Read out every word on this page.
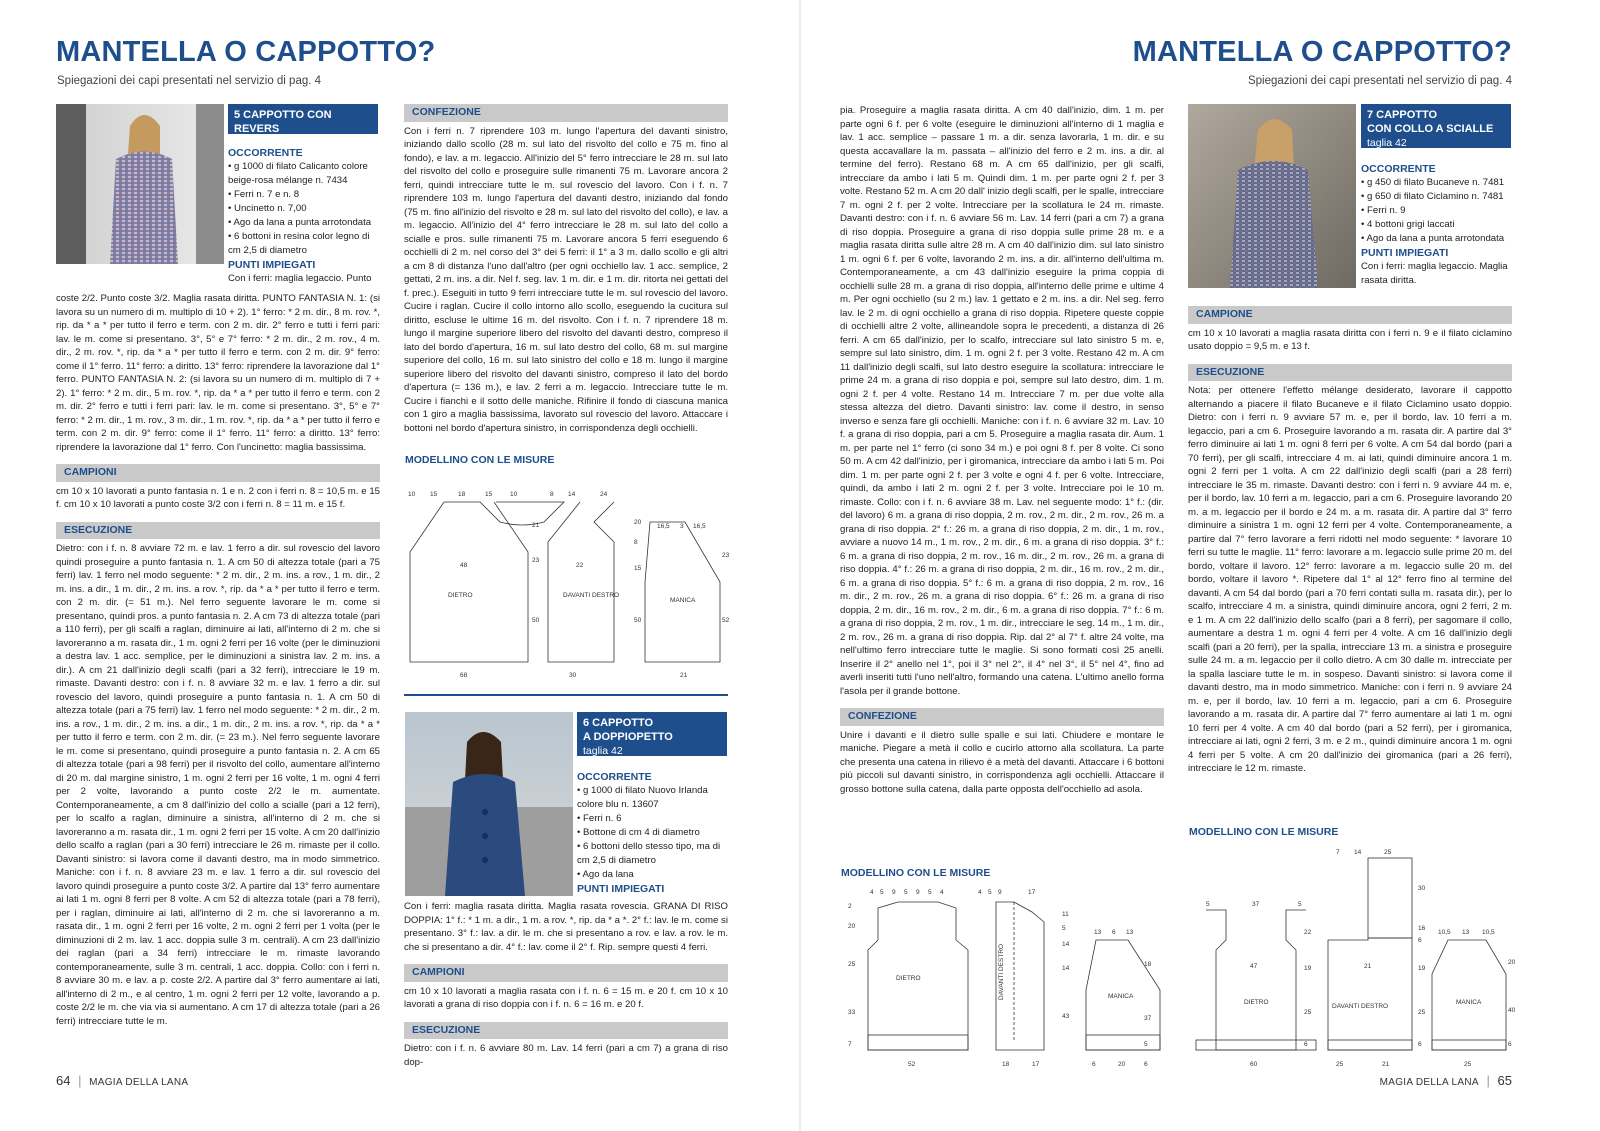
MANTELLA O CAPPOTTO?
Spiegazioni dei capi presentati nel servizio di pag. 4
5 CAPPOTTO CON REVERS
taglia 42
OCCORRENTE
• g 1000 di filato Calicanto colore beige-rosa mélange n. 7434
• Ferri n. 7 e n. 8
• Uncinetto n. 7,00
• Ago da lana a punta arrotondata
• 6 bottoni in resina color legno di cm 2,5 di diametro
PUNTI IMPIEGATI
Con i ferri: maglia legaccio. Punto

coste 2/2. Punto coste 3/2. Maglia rasata diritta. PUNTO FANTASIA N. 1: (si lavora su un numero di m. multiplo di 10 + 2). 1° ferro: * 2 m. dir., 8 m. rov. *, rip. da * a * per tutto il ferro e term. con 2 m. dir. 2° ferro e tutti i ferri pari: lav. le m. come si presentano. 3°, 5° e 7° ferro: * 2 m. dir., 2 m. rov., 4 m. dir., 2 m. rov. *, rip. da * a * per tutto il ferro e term. con 2 m. dir. 9° ferro: come il 1° ferro. 11° ferro: a diritto. 13° ferro: riprendere la lavorazione dal 1° ferro. PUNTO FANTASIA N. 2: (si lavora su un numero di m. multiplo di 7 + 2). 1° ferro: * 2 m. dir., 5 m. rov. *, rip. da * a * per tutto il ferro e term. con 2 m. dir. 2° ferro e tutti i ferri pari: lav. le m. come si presentano. 3°, 5° e 7° ferro: * 2 m. dir., 1 m. rov., 3 m. dir., 1 m. rov. *, rip. da * a * per tutto il ferro e term. con 2 m. dir. 9° ferro: come il 1° ferro. 11° ferro: a diritto. 13° ferro: riprendere la lavorazione dal 1° ferro. Con l'uncinetto: maglia bassissima.

CAMPIONI

cm 10 x 10 lavorati a punto fantasia n. 1 e n. 2 con i ferri n. 8 = 10,5 m. e 15 f. cm 10 x 10 lavorati a punto coste 3/2 con i ferri n. 8 = 11 m. e 15 f.

ESECUZIONE

Dietro: con i f. n. 8 avviare 72 m. e lav. 1 ferro a dir. sul rovescio del lavoro quindi proseguire a punto fantasia n. 1. A cm 50 di altezza totale (pari a 75 ferri) lav. 1 ferro nel modo seguente: * 2 m. dir., 2 m. ins. a rov., 1 m. dir., 2 m. ins. a dir., 1 m. dir., 2 m. ins. a rov. *, rip. da * a * per tutto il ferro e term. con 2 m. dir. (= 51 m.). Nel ferro seguente lavorare le m. come si presentano, quindi pros. a punto fantasia n. 2. A cm 73 di altezza totale (pari a 110 ferri), per gli scalfi a raglan, diminuire ai lati, all'interno di 2 m. che si lavoreranno a m. rasata dir., 1 m. ogni 2 ferri per 16 volte (per le diminuzioni a destra lav. 1 acc. semplice, per le diminuzioni a sinistra lav. 2 m. ins. a dir.). A cm 21 dall'inizio degli scalfi (pari a 32 ferri), intrecciare le 19 m. rimaste. Davanti destro: con i f. n. 8 avviare 32 m. e lav. 1 ferro a dir. sul rovescio del lavoro, quindi proseguire a punto fantasia n. 1. A cm 50 di altezza totale (pari a 75 ferri) lav. 1 ferro nel modo seguente: * 2 m. dir., 2 m. ins. a rov., 1 m. dir., 2 m. ins. a dir., 1 m. dir., 2 m. ins. a rov. *, rip. da * a * per tutto il ferro e term. con 2 m. dir. (= 23 m.). Nel ferro seguente lavorare le m. come si presentano, quindi proseguire a punto fantasia n. 2. A cm 65 di altezza totale (pari a 98 ferri) per il risvolto del collo, aumentare all'interno di 20 m. dal margine sinistro, 1 m. ogni 2 ferri per 16 volte, 1 m. ogni 4 ferri per 2 volte, lavorando a punto coste 2/2 le m. aumentate. Contemporaneamente, a cm 8 dall'inizio del collo a scialle (pari a 12 ferri), per lo scalfo a raglan, diminuire a sinistra, all'interno di 2 m. che si lavoreranno a m. rasata dir., 1 m. ogni 2 ferri per 15 volte. A cm 20 dall'inizio dello scalfo a raglan (pari a 30 ferri) intrecciare le 26 m. rimaste per il collo. Davanti sinistro: si lavora come il davanti destro, ma in modo simmetrico. Maniche: con i f. n. 8 avviare 23 m. e lav. 1 ferro a dir. sul rovescio del lavoro quindi proseguire a punto coste 3/2. A partire dal 13° ferro aumentare ai lati 1 m. ogni 8 ferri per 8 volte. A cm 52 di altezza totale (pari a 78 ferri), per i raglan, diminuire ai lati, all'interno di 2 m. che si lavoreranno a m. rasata dir., 1 m. ogni 2 ferri per 16 volte, 2 m. ogni 2 ferri per 1 volta (per le diminuzioni di 2 m. lav. 1 acc. doppia sulle 3 m. centrali). A cm 23 dall'inizio dei raglan (pari a 34 ferri) intrecciare le m. rimaste lavorando contemporaneamente, sulle 3 m. centrali, 1 acc. doppia. Collo: con i ferri n. 8 avviare 30 m. e lav. a p. coste 2/2. A partire dal 3° ferro aumentare ai lati, all'interno di 2 m., e al centro, 1 m. ogni 2 ferri per 12 volte, lavorando a p. coste 2/2 le m. che via via si aumentano. A cm 17 di altezza totale (pari a 26 ferri) intrecciare tutte le m.

CONFEZIONE

Con i ferri n. 7 riprendere 103 m. lungo l'apertura del davanti sinistro, iniziando dallo scollo (28 m. sul lato del risvolto del collo e 75 m. fino al fondo), e lav. a m. legaccio. All'inizio del 5° ferro intrecciare le 28 m. sul lato del risvolto del collo e proseguire sulle rimanenti 75 m. Lavorare ancora 2 ferri, quindi intrecciare tutte le m. sul rovescio del lavoro. Con i f. n. 7 riprendere 103 m. lungo l'apertura del davanti destro, iniziando dal fondo (75 m. fino all'inizio del risvolto e 28 m. sul lato del risvolto del collo), e lav. a m. legaccio. All'inizio del 4° ferro intrecciare le 28 m. sul lato del collo a scialle e pros. sulle rimanenti 75 m. Lavorare ancora 5 ferri eseguendo 6 occhielli di 2 m. nel corso del 3° dei 5 ferri: il 1° a 3 m. dallo scollo e gli altri a cm 8 di distanza l'uno dall'altro (per ogni occhiello lav. 1 acc. semplice, 2 gettati, 2 m. ins. a dir. Nel f. seg. lav. 1 m. dir. e 1 m. dir. ritorta nei gettati del f. prec.). Eseguiti in tutto 9 ferri intrecciare tutte le m. sul rovescio del lavoro. Cucire i raglan. Cucire il collo intorno allo scollo, eseguendo la cucitura sul diritto, escluse le ultime 16 m. del risvolto. Con i f. n. 7 riprendere 18 m. lungo il margine superiore libero del risvolto del davanti destro, compreso il lato del bordo d'apertura, 16 m. sul lato destro del collo, 68 m. sul margine superiore del collo, 16 m. sul lato sinistro del collo e 18 m. lungo il margine superiore libero del risvolto del davanti sinistro, compreso il lato del bordo d'apertura (= 136 m.), e lav. 2 ferri a m. legaccio. Intrecciare tutte le m. Cucire i fianchi e il sotto delle maniche. Rifinire il fondo di ciascuna manica con 1 giro a maglia bassissima, lavorato sul rovescio del lavoro. Attaccare i bottoni nel bordo d'apertura sinistro, in corrispondenza degli occhielli.

MODELLINO CON LE MISURE
DIETRO	DAVANTI DESTRO
MANICA
10 15	18	15	10
21
23
50
48
68
8 14	24
20
8
15
50
22
30
16,5 3 16,5
23
52
21
6 CAPPOTTO
A DOPPIOPETTO
taglia 42
OCCORRENTE
• g 1000 di filato Nuovo Irlanda colore blu n. 13607
• Ferri n. 6
• Bottone di cm 4 di diametro
• 6 bottoni dello stesso tipo, ma di cm 2,5 di diametro
• Ago da lana
PUNTI IMPIEGATI

Con i ferri: maglia rasata diritta. Maglia rasata rovescia. GRANA DI RISO DOPPIA: 1° f.: * 1 m. a dir., 1 m. a rov. *, rip. da * a *. 2° f.: lav. le m. come si presentano. 3° f.: lav. a dir. le m. che si presentano a rov. e lav. a rov. le m. che si presentano a dir. 4° f.: lav. come il 2° f. Rip. sempre questi 4 ferri.

CAMPIONI

cm 10 x 10 lavorati a maglia rasata con i f. n. 6 = 15 m. e 20 f. cm 10 x 10 lavorati a grana di riso doppia con i f. n. 6 = 16 m. e 20 f.

ESECUZIONE

Dietro: con i f. n. 6 avviare 80 m. Lav. 14 ferri (pari a cm 7) a grana di riso dop-

64 | MAGIA DELLA LANA
MANTELLA O CAPPOTTO?
Spiegazioni dei capi presentati nel servizio di pag. 4

pia. Proseguire a maglia rasata diritta. A cm 40 dall'inizio, dim. 1 m. per parte ogni 6 f. per 6 volte (eseguire le diminuzioni all'interno di 1 maglia e lav. 1 acc. semplice – passare 1 m. a dir. senza lavorarla, 1 m. dir. e su questa accavallare la m. passata – all'inizio del ferro e 2 m. ins. a dir. al termine del ferro). Restano 68 m. A cm 65 dall'inizio, per gli scalfi, intrecciare da ambo i lati 5 m. Quindi dim. 1 m. per parte ogni 2 f. per 3 volte. Restano 52 m. A cm 20 dall' inizio degli scalfi, per le spalle, intrecciare 7 m. ogni 2 f. per 2 volte. Intrecciare per la scollatura le 24 m. rimaste. Davanti destro: con i f. n. 6 avviare 56 m. Lav. 14 ferri (pari a cm 7) a grana di riso doppia. Proseguire a grana di riso doppia sulle prime 28 m. e a maglia rasata diritta sulle altre 28 m. A cm 40 dall'inizio dim. sul lato sinistro 1 m. ogni 6 f. per 6 volte, lavorando 2 m. ins. a dir. all'interno dell'ultima m. Contemporaneamente, a cm 43 dall'inizio eseguire la prima coppia di occhielli sulle 28 m. a grana di riso doppia, all'interno delle prime e ultime 4 m. Per ogni occhiello (su 2 m.) lav. 1 gettato e 2 m. ins. a dir. Nel seg. ferro lav. le 2 m. di ogni occhiello a grana di riso doppia. Ripetere queste coppie di occhielli altre 2 volte, allineandole sopra le precedenti, a distanza di 26 ferri. A cm 65 dall'inizio, per lo scalfo, intrecciare sul lato sinistro 5 m. e, sempre sul lato sinistro, dim. 1 m. ogni 2 f. per 3 volte. Restano 42 m. A cm 11 dall'inizio degli scalfi, sul lato destro eseguire la scollatura: intrecciare le prime 24 m. a grana di riso doppia e poi, sempre sul lato destro, dim. 1 m. ogni 2 f. per 4 volte. Restano 14 m. Intrecciare 7 m. per due volte alla stessa altezza del dietro. Davanti sinistro: lav. come il destro, in senso inverso e senza fare gli occhielli. Maniche: con i f. n. 6 avviare 32 m. Lav. 10 f. a grana di riso doppia, pari a cm 5. Proseguire a maglia rasata dir. Aum. 1 m. per parte nel 1° ferro (ci sono 34 m.) e poi ogni 8 f. per 8 volte. Ci sono 50 m. A cm 42 dall'inizio, per i giromanica, intrecciare da ambo i lati 5 m. Poi dim. 1 m. per parte ogni 2 f. per 3 volte e ogni 4 f. per 6 volte. Intrecciare, quindi, da ambo i lati 2 m. ogni 2 f. per 3 volte. Intrecciare poi le 10 m. rimaste. Collo: con i f. n. 6 avviare 38 m. Lav. nel seguente modo: 1° f.: (dir. del lavoro) 6 m. a grana di riso doppia, 2 m. rov., 2 m. dir., 2 m. rov., 26 m. a grana di riso doppia. 2° f.: 26 m. a grana di riso doppia, 2 m. dir., 1 m. rov., avviare a nuovo 14 m., 1 m. rov., 2 m. dir., 6 m. a grana di riso doppia. 3° f.: 6 m. a grana di riso doppia, 2 m. rov., 16 m. dir., 2 m. rov., 26 m. a grana di riso doppia. 4° f.: 26 m. a grana di riso doppia, 2 m. dir., 16 m. rov., 2 m. dir., 6 m. a grana di riso doppia. 5° f.: 6 m. a grana di riso doppia, 2 m. rov., 16 m. dir., 2 m. rov., 26 m. a grana di riso doppia. 6° f.: 26 m. a grana di riso doppia, 2 m. dir., 16 m. rov., 2 m. dir., 6 m. a grana di riso doppia. 7° f.: 6 m. a grana di riso doppia, 2 m. rov., 1 m. dir., intrecciare le seg. 14 m., 1 m. dir., 2 m. rov., 26 m. a grana di riso doppia. Rip. dal 2° al 7° f. altre 24 volte, ma nell'ultimo ferro intrecciare tutte le maglie. Si sono formati così 25 anelli. Inserire il 2° anello nel 1°, poi il 3° nel 2°, il 4° nel 3°, il 5° nel 4°, fino ad averli inseriti tutti l'uno nell'altro, formando una catena. L'ultimo anello forma l'asola per il grande bottone.

CONFEZIONE

Unire i davanti e il dietro sulle spalle e sui lati. Chiudere e montare le maniche. Piegare a metà il collo e cucirlo attorno alla scollatura. La parte che presenta una catena in rilievo è a metà del davanti. Attaccare i 6 bottoni più piccoli sul davanti sinistro, in corrispondenza agli occhielli. Attaccare il grosso bottone sulla catena, dalla parte opposta dell'occhiello ad asola.

MODELLINO CON LE MISURE
DIETRO	DAVANTI DESTRO	MANICA
4 5 9 5 9 5 4
2
20
25
33
7
52
4 5 9	17
11
5
14
14
43
18	17
13 6 13
18
37
5
6	20	6
7 CAPPOTTO
CON COLLO A SCIALLE
taglia 42
OCCORRENTE
• g 450 di filato Bucaneve n. 7481
• g 650 di filato Ciclamino n. 7481
• Ferri n. 9
• 4 bottoni grigi laccati
• Ago da lana a punta arrotondata
PUNTI IMPIEGATI
Con i ferri: maglia legaccio. Maglia rasata diritta.
CAMPIONE

cm 10 x 10 lavorati a maglia rasata diritta con i ferri n. 9 e il filato ciclamino usato doppio = 9,5 m. e 13 f.

ESECUZIONE

Nota: per ottenere l'effetto mélange desiderato, lavorare il cappotto alternando a piacere il filato Bucaneve e il filato Ciclamino usato doppio. Dietro: con i ferri n. 9 avviare 57 m. e, per il bordo, lav. 10 ferri a m. legaccio, pari a cm 6. Proseguire lavorando a m. rasata dir. A partire dal 3° ferro diminuire ai lati 1 m. ogni 8 ferri per 6 volte. A cm 54 dal bordo (pari a 70 ferri), per gli scalfi, intrecciare 4 m. ai lati, quindi diminuire ancora 1 m. ogni 2 ferri per 1 volta. A cm 22 dall'inizio degli scalfi (pari a 28 ferri) intrecciare le 35 m. rimaste. Davanti destro: con i ferri n. 9 avviare 44 m. e, per il bordo, lav. 10 ferri a m. legaccio, pari a cm 6. Proseguire lavorando 20 m. a m. legaccio per il bordo e 24 m. a m. rasata dir. A partire dal 3° ferro diminuire a sinistra 1 m. ogni 12 ferri per 4 volte. Contemporaneamente, a partire dal 7° ferro lavorare a ferri ridotti nel modo seguente: * lavorare 10 ferri su tutte le maglie. 11° ferro: lavorare a m. legaccio sulle prime 20 m. del bordo, voltare il lavoro. 12° ferro: lavorare a m. legaccio sulle 20 m. del bordo, voltare il lavoro *. Ripetere dal 1° al 12° ferro fino al termine del davanti. A cm 54 dal bordo (pari a 70 ferri contati sulla m. rasata dir.), per lo scalfo, intrecciare 4 m. a sinistra, quindi diminuire ancora, ogni 2 ferri, 2 m. e 1 m. A cm 22 dall'inizio dello scalfo (pari a 8 ferri), per sagomare il collo, aumentare a destra 1 m. ogni 4 ferri per 4 volte. A cm 16 dall'inizio degli scalfi (pari a 20 ferri), per la spalla, intrecciare 13 m. a sinistra e proseguire sulle 24 m. a m. legaccio per il collo dietro. A cm 30 dalle m. intrecciate per la spalla lasciare tutte le m. in sospeso. Davanti sinistro: si lavora come il davanti destro, ma in modo simmetrico. Maniche: con i ferri n. 9 avviare 24 m. e, per il bordo, lav. 10 ferri a m. legaccio, pari a cm 6. Proseguire lavorando a m. rasata dir. A partire dal 7° ferro aumentare ai lati 1 m. ogni 10 ferri per 4 volte. A cm 40 dal bordo (pari a 52 ferri), per i giromanica, intrecciare ai lati, ogni 2 ferri, 3 m. e 2 m., quindi diminuire ancora 1 m. ogni 4 ferri per 5 volte. A cm 20 dall'inizio dei giromanica (pari a 26 ferri), intrecciare le 12 m. rimaste.

MODELLINO CON LE MISURE
DIETRO
DAVANTI DESTRO
MANICA
5	37	5
22
19
25
6
47
60
7 14	25
30
16
6
19
25
6
21
25	21
10,5 13 10,5
20
40
6
25
MAGIA DELLA LANA | 65
